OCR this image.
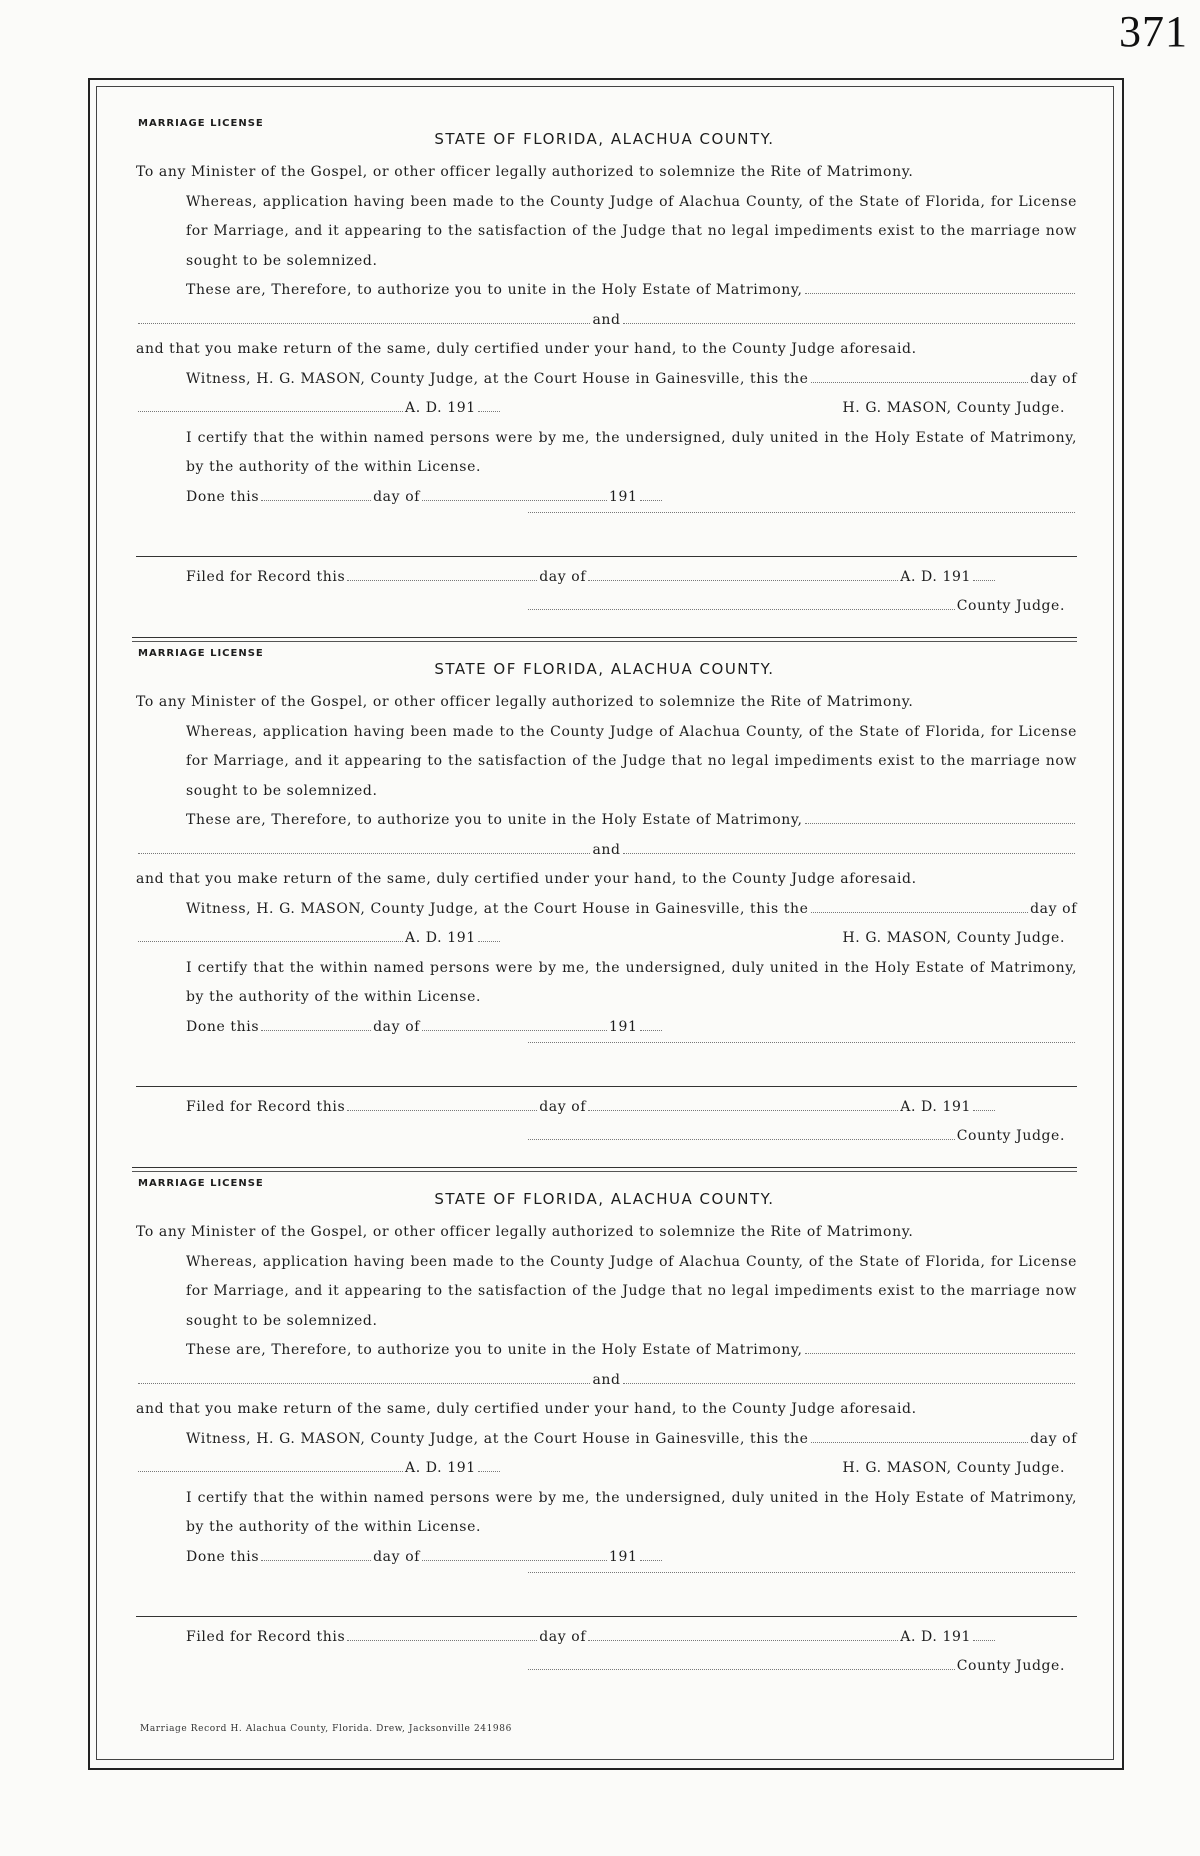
371
MARRIAGE LICENSE
STATE OF FLORIDA, ALACHUA COUNTY.
To any Minister of the Gospel, or other officer legally authorized to solemnize the Rite of Matrimony.
Whereas, application having been made to the County Judge of Alachua County, of the State of Florida, for License for Marriage, and it appearing to the satisfaction of the Judge that no legal impediments exist to the marriage now sought to be solemnized.
These are, Therefore, to authorize you to unite in the Holy Estate of Matrimony,
and
and that you make return of the same, duly certified under your hand, to the County Judge aforesaid.
Witness, H. G. MASON, County Judge, at the Court House in Gainesville, this the	day of
A. D. 191	H. G. MASON, County Judge.
I certify that the within named persons were by me, the undersigned, duly united in the Holy Estate of Matrimony, by the authority of the within License.
Done this	day of	191
Filed for Record this	day of	A. D. 191
County Judge.
MARRIAGE LICENSE
STATE OF FLORIDA, ALACHUA COUNTY.
To any Minister of the Gospel, or other officer legally authorized to solemnize the Rite of Matrimony.
Whereas, application having been made to the County Judge of Alachua County, of the State of Florida, for License for Marriage, and it appearing to the satisfaction of the Judge that no legal impediments exist to the marriage now sought to be solemnized.
These are, Therefore, to authorize you to unite in the Holy Estate of Matrimony,
and
and that you make return of the same, duly certified under your hand, to the County Judge aforesaid.
Witness, H. G. MASON, County Judge, at the Court House in Gainesville, this the	day of
A. D. 191	H. G. MASON, County Judge.
I certify that the within named persons were by me, the undersigned, duly united in the Holy Estate of Matrimony, by the authority of the within License.
Done this	day of	191
Filed for Record this	day of	A. D. 191
County Judge.
MARRIAGE LICENSE
STATE OF FLORIDA, ALACHUA COUNTY.
To any Minister of the Gospel, or other officer legally authorized to solemnize the Rite of Matrimony.
Whereas, application having been made to the County Judge of Alachua County, of the State of Florida, for License for Marriage, and it appearing to the satisfaction of the Judge that no legal impediments exist to the marriage now sought to be solemnized.
These are, Therefore, to authorize you to unite in the Holy Estate of Matrimony,
and
and that you make return of the same, duly certified under your hand, to the County Judge aforesaid.
Witness, H. G. MASON, County Judge, at the Court House in Gainesville, this the	day of
A. D. 191	H. G. MASON, County Judge.
I certify that the within named persons were by me, the undersigned, duly united in the Holy Estate of Matrimony, by the authority of the within License.
Done this	day of	191
Filed for Record this	day of	A. D. 191
County Judge.
Marriage Record H. Alachua County, Florida. Drew, Jacksonville 241986
